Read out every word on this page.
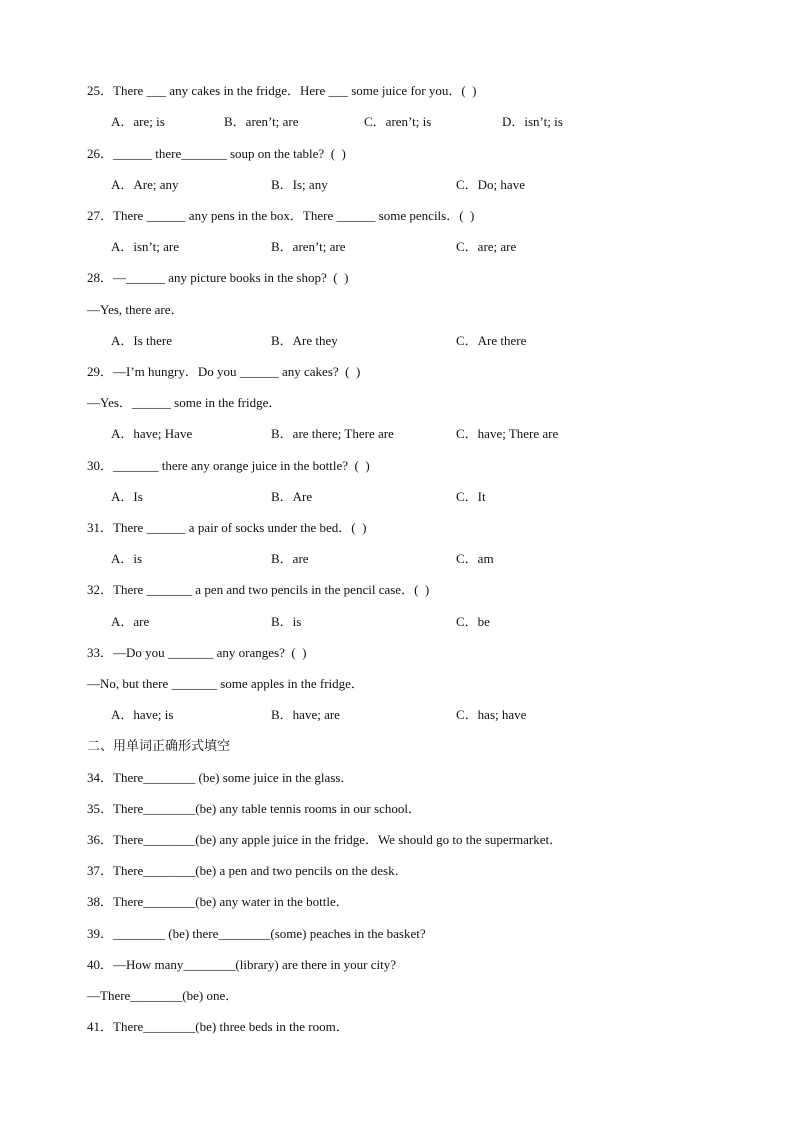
25．There ___ any cakes in the fridge．Here ___ some juice for you．(  )
A．are; is	B．aren’t; are	C．aren’t; is	D．isn’t; is
26．______ there_______ soup on the table?  (  )
A．Are; any	B．Is; any	C．Do; have
27．There ______ any pens in the box．There ______ some pencils．(  )
A．isn’t; are	B．aren’t; are	C．are; are
28．—______ any picture books in the shop?  (  )
—Yes, there are．
A．Is there	B．Are they	C．Are there
29．—I’m hungry．Do you ______ any cakes?  (  )
—Yes．______ some in the fridge．
A．have; Have	B．are there; There are	C．have; There are
30．_______ there any orange juice in the bottle?  (  )
A．Is	B．Are	C．It
31．There ______ a pair of socks under the bed．(  )
A．is	B．are	C．am
32．There _______ a pen and two pencils in the pencil case．(  )
A．are	B．is	C．be
33．—Do you _______ any oranges?  (  )
—No, but there _______ some apples in the fridge．
A．have; is	B．have; are	C．has; have
二、用单词正确形式填空
34．There________ (be) some juice in the glass．
35．There________(be) any table tennis rooms in our school．
36．There________(be) any apple juice in the fridge．We should go to the supermarket．
37．There________(be) a pen and two pencils on the desk．
38．There________(be) any water in the bottle．
39．________ (be) there________(some) peaches in the basket?
40．—How many________(library) are there in your city?
—There________(be) one．
41．There________(be) three beds in the room．
